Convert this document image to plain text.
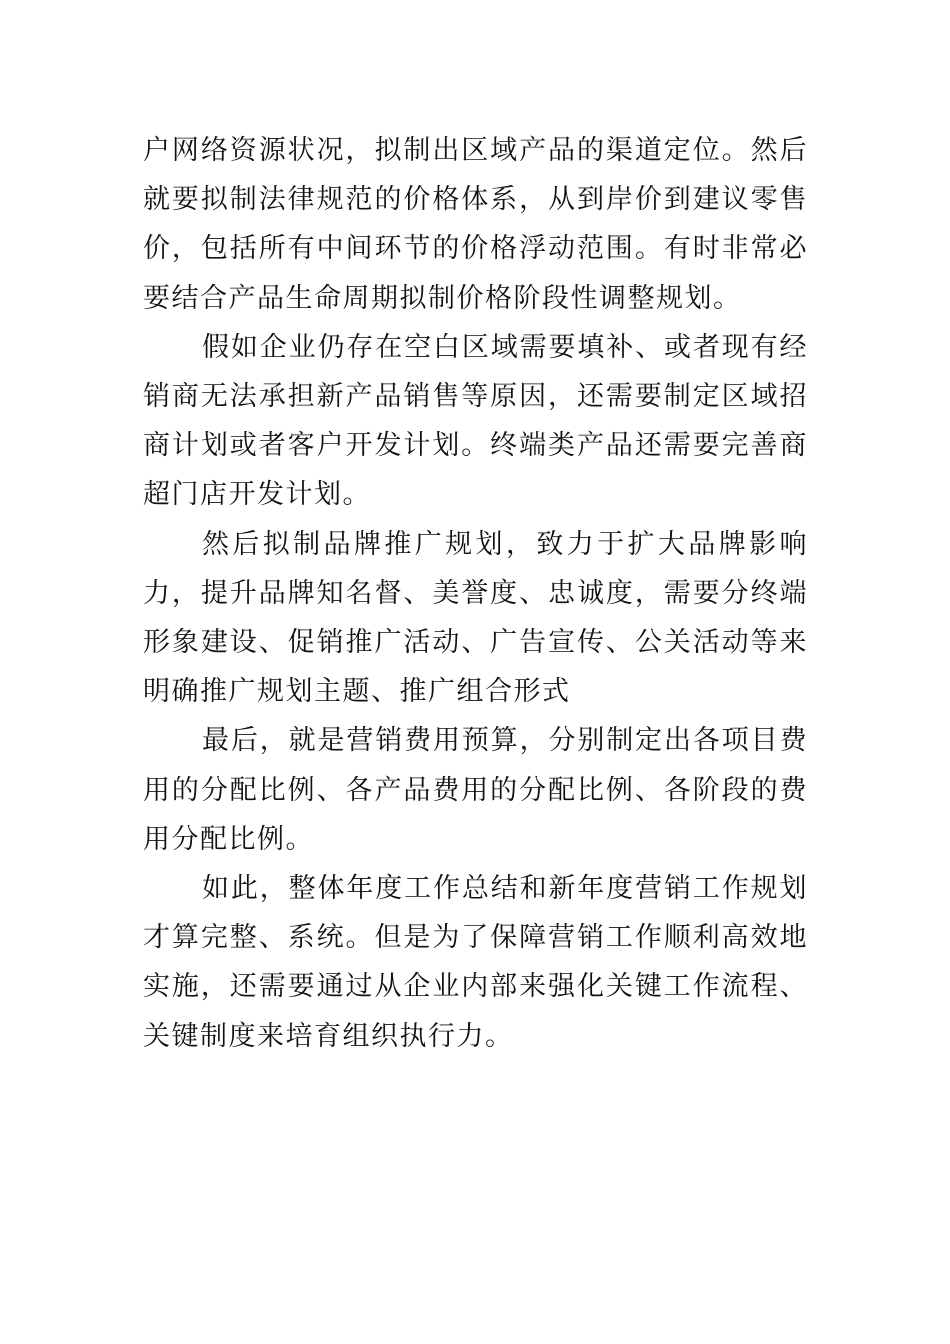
户网络资源状况，拟制出区域产品的渠道定位。然后就要拟制法律规范的价格体系，从到岸价到建议零售价，包括所有中间环节的价格浮动范围。有时非常必要结合产品生命周期拟制价格阶段性调整规划。

假如企业仍存在空白区域需要填补、或者现有经销商无法承担新产品销售等原因，还需要制定区域招商计划或者客户开发计划。终端类产品还需要完善商超门店开发计划。

然后拟制品牌推广规划，致力于扩大品牌影响力，提升品牌知名督、美誉度、忠诚度，需要分终端形象建设、促销推广活动、广告宣传、公关活动等来明确推广规划主题、推广组合形式

最后，就是营销费用预算，分别制定出各项目费用的分配比例、各产品费用的分配比例、各阶段的费用分配比例。

如此，整体年度工作总结和新年度营销工作规划才算完整、系统。但是为了保障营销工作顺利高效地实施，还需要通过从企业内部来强化关键工作流程、关键制度来培育组织执行力。
